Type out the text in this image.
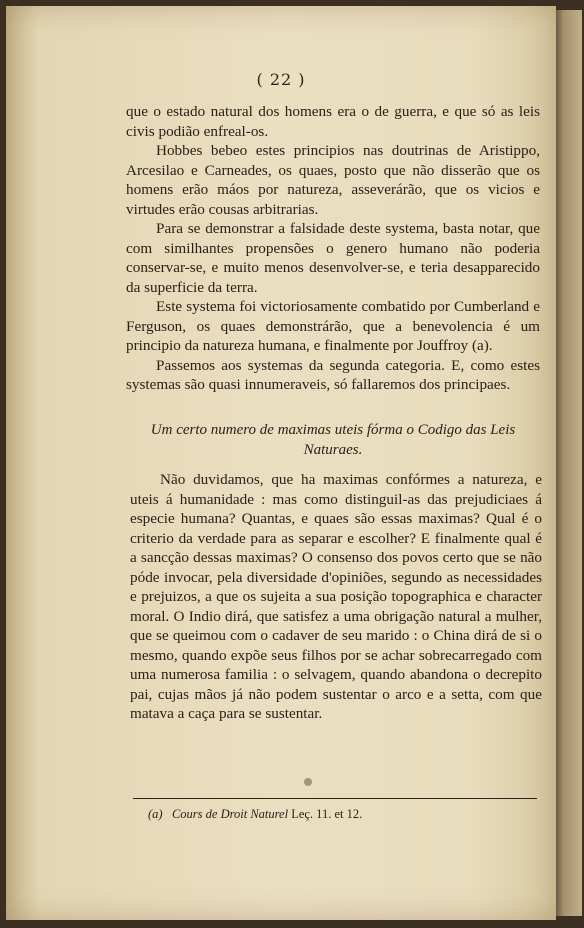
( 22 )

que o estado natural dos homens era o de guerra, e que só as leis civis podião enfreal-os.

Hobbes bebeo estes principios nas doutrinas de Aristippo, Arcesilao e Carneades, os quaes, posto que não disserão que os homens erão máos por natureza, asseverárão, que os vicios e virtudes erão cousas arbitrarias.

Para se demonstrar a falsidade deste systema, basta notar, que com similhantes propensões o genero humano não poderia conservar-se, e muito menos desenvolver-se, e teria desapparecido da superficie da terra.

Este systema foi victoriosamente combatido por Cumberland e Ferguson, os quaes demonstrárão, que a benevolencia é um principio da natureza humana, e finalmente por Jouffroy (a).

Passemos aos systemas da segunda categoria. E, como estes systemas são quasi innumeraveis, só fallaremos dos principaes.

Um certo numero de maximas uteis fórma o Codigo das Leis Naturaes.

Não duvidamos, que ha maximas confórmes a natureza, e uteis á humanidade : mas como distinguil-as das prejudiciaes á especie humana? Quantas, e quaes são essas maximas? Qual é o criterio da verdade para as separar e escolher? E finalmente qual é a sancção dessas maximas? O consenso dos povos certo que se não póde invocar, pela diversidade d'opiniões, segundo as necessidades e prejuizos, a que os sujeita a sua posição topographica e character moral. O Indio dirá, que satisfez a uma obrigação natural a mulher, que se queimou com o cadaver de seu marido : o China dirá de si o mesmo, quando expõe seus filhos por se achar sobrecarregado com uma numerosa familia : o selvagem, quando abandona o decrepito pai, cujas mãos já não podem sustentar o arco e a setta, com que matava a caça para se sustentar.

(a) Cours de Droit Naturel Leç. 11. et 12.
